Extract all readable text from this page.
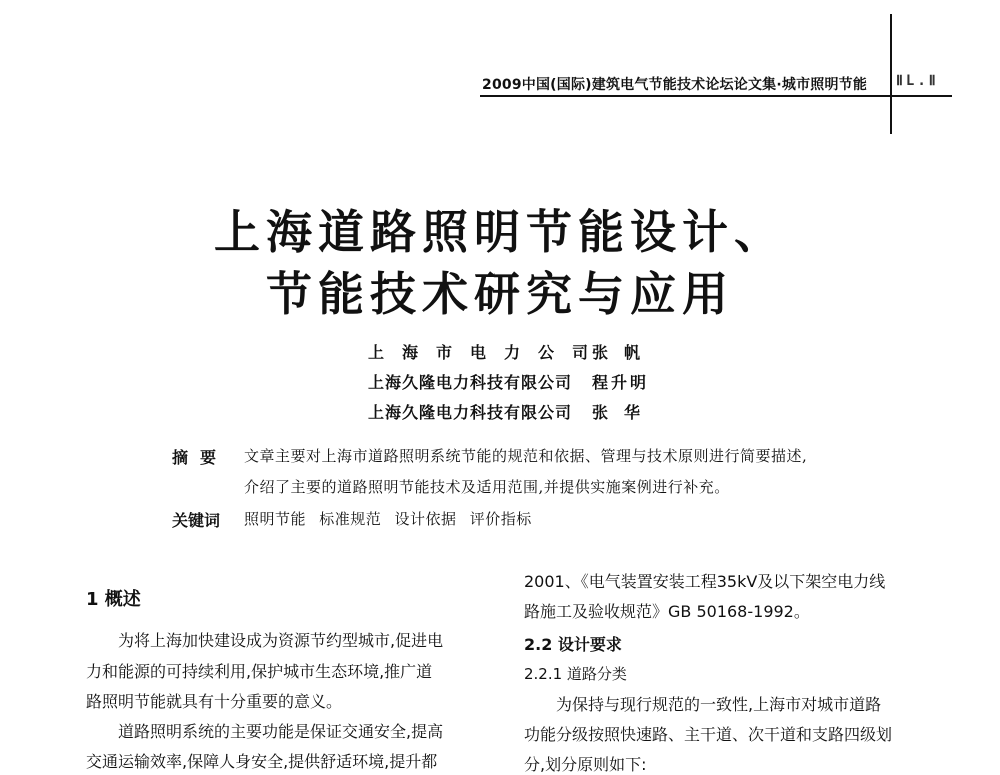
2009中国(国际)建筑电气节能技术论坛论文集·城市照明节能 ⅡL.Ⅱ
上海道路照明节能设计、
节能技术研究与应用
上海市电力公司
张帆
上海久隆电力科技有限公司 程升明
上海久隆电力科技有限公司 张华
摘要 文章主要对上海市道路照明系统节能的规范和依据、管理与技术原则进行简要描述,
介绍了主要的道路照明节能技术及适用范围,并提供实施案例进行补充。
关键词 照明节能 标准规范 设计依据 评价指标
1 概述
为将上海加快建设成为资源节约型城市,促进电
力和能源的可持续利用,保护城市生态环境,推广道
路照明节能就具有十分重要的意义。
道路照明系统的主要功能是保证交通安全,提高
交通运输效率,保障人身安全,提供舒适环境,提升都
2001、《电气装置安装工程35kV及以下架空电力线
路施工及验收规范》GB 50168-1992。
2.2 设计要求
2.2.1 道路分类
为保持与现行规范的一致性,上海市对城市道路
功能分级按照快速路、主干道、次干道和支路四级划
分,划分原则如下:
